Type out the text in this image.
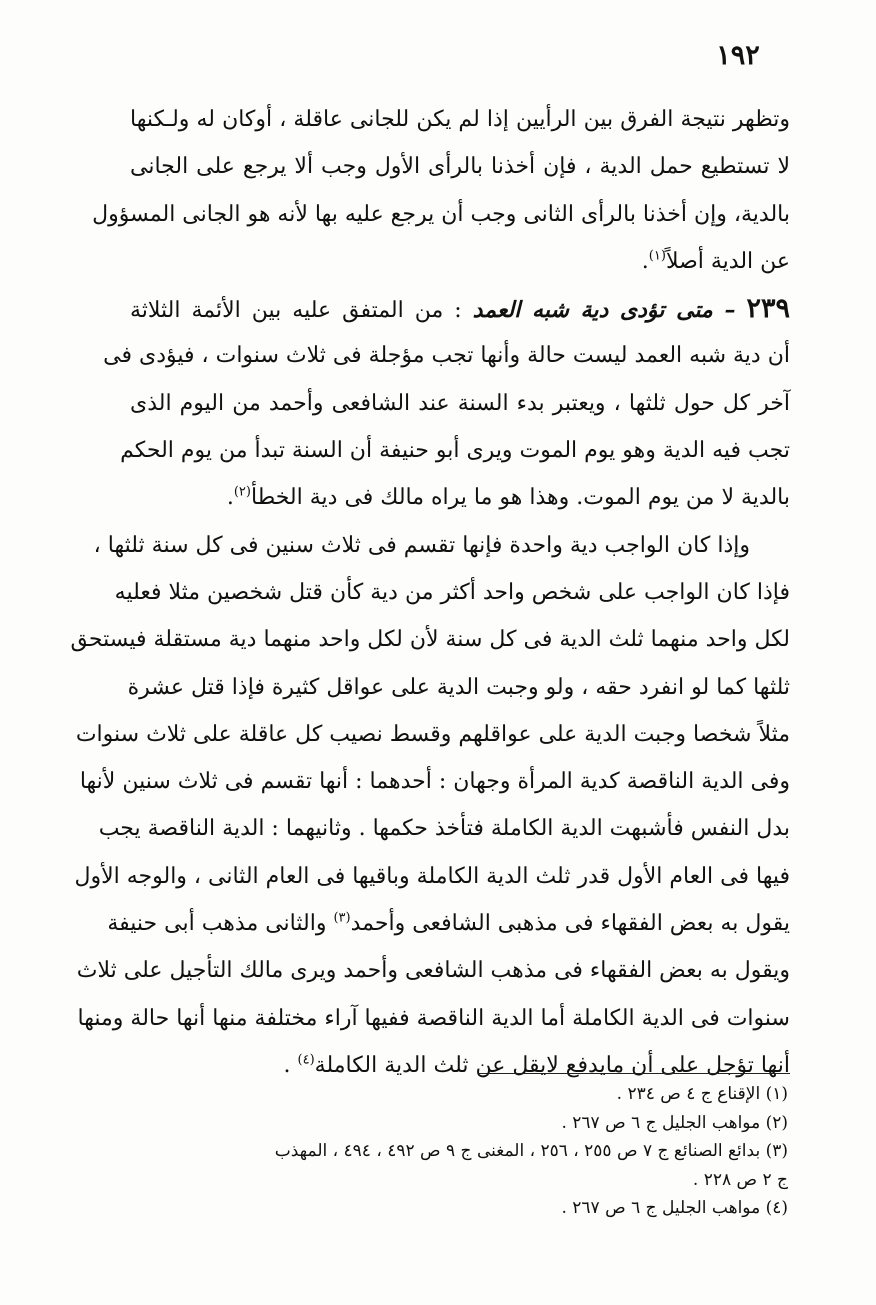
١٩٢
وتظهر نتيجة الفرق بين الرأيين إذا لم يكن للجانى عاقلة ، أوكان له ولـكنها
لا تستطيع حمل الدية ، فإن أخذنا بالرأى الأول وجب ألا يرجع على الجانى
بالدية، وإن أخذنا بالرأى الثانى وجب أن يرجع عليه بها لأنه هو الجانى المسؤول
عن الدية أصلاً$^{(١)}$.
٢٣٩ – متى تؤدى دية شبه العمد : من المتفق عليه بين الأئمة الثلاثة
أن دية شبه العمد ليست حالة وأنها تجب مؤجلة فى ثلاث سنوات ، فيؤدى فى
آخر كل حول ثلثها ، ويعتبر بدء السنة عند الشافعى وأحمد من اليوم الذى
تجب فيه الدية وهو يوم الموت ويرى أبو حنيفة أن السنة تبدأ من يوم الحكم
بالدية لا من يوم الموت. وهذا هو ما يراه مالك فى دية الخطأ$^{(٢)}$.
وإذا كان الواجب دية واحدة فإنها تقسم فى ثلاث سنين فى كل سنة ثلثها ،
فإذا كان الواجب على شخص واحد أكثر من دية كأن قتل شخصين مثلا فعليه
لكل واحد منهما ثلث الدية فى كل سنة لأن لكل واحد منهما دية مستقلة فيستحق
ثلثها كما لو انفرد حقه ، ولو وجبت الدية على عواقل كثيرة فإذا قتل عشرة
مثلاً شخصا وجبت الدية على عواقلهم وقسط نصيب كل عاقلة على ثلاث سنوات
وفى الدية الناقصة كدية المرأة وجهان : أحدهما : أنها تقسم فى ثلاث سنين لأنها
بدل النفس فأشبهت الدية الكاملة فتأخذ حكمها . وثانيهما : الدية الناقصة يجب
فيها فى العام الأول قدر ثلث الدية الكاملة وباقيها فى العام الثانى ، والوجه الأول
يقول به بعض الفقهاء فى مذهبى الشافعى وأحمد$^{(٣)}$ والثانى مذهب أبى حنيفة
ويقول به بعض الفقهاء فى مذهب الشافعى وأحمد ويرى مالك التأجيل على ثلاث
سنوات فى الدية الكاملة أما الدية الناقصة ففيها آراء مختلفة منها أنها حالة ومنها
أنها تؤجل على أن مايدفع لايقل عن ثلث الدية الكاملة$^{(٤)}$ .
(١) الإقناع ج ٤ ص ٢٣٤ .
(٢) مواهب الجليل ج ٦ ص ٢٦٧ .
(٣) بدائع الصنائع ج ٧ ص ٢٥٥ ، ٢٥٦ ، المغنى ج ٩ ص ٤٩٢ ، ٤٩٤ ، المهذب
ج ٢ ص ٢٢٨ .
(٤) مواهب الجليل ج ٦ ص ٢٦٧ .
